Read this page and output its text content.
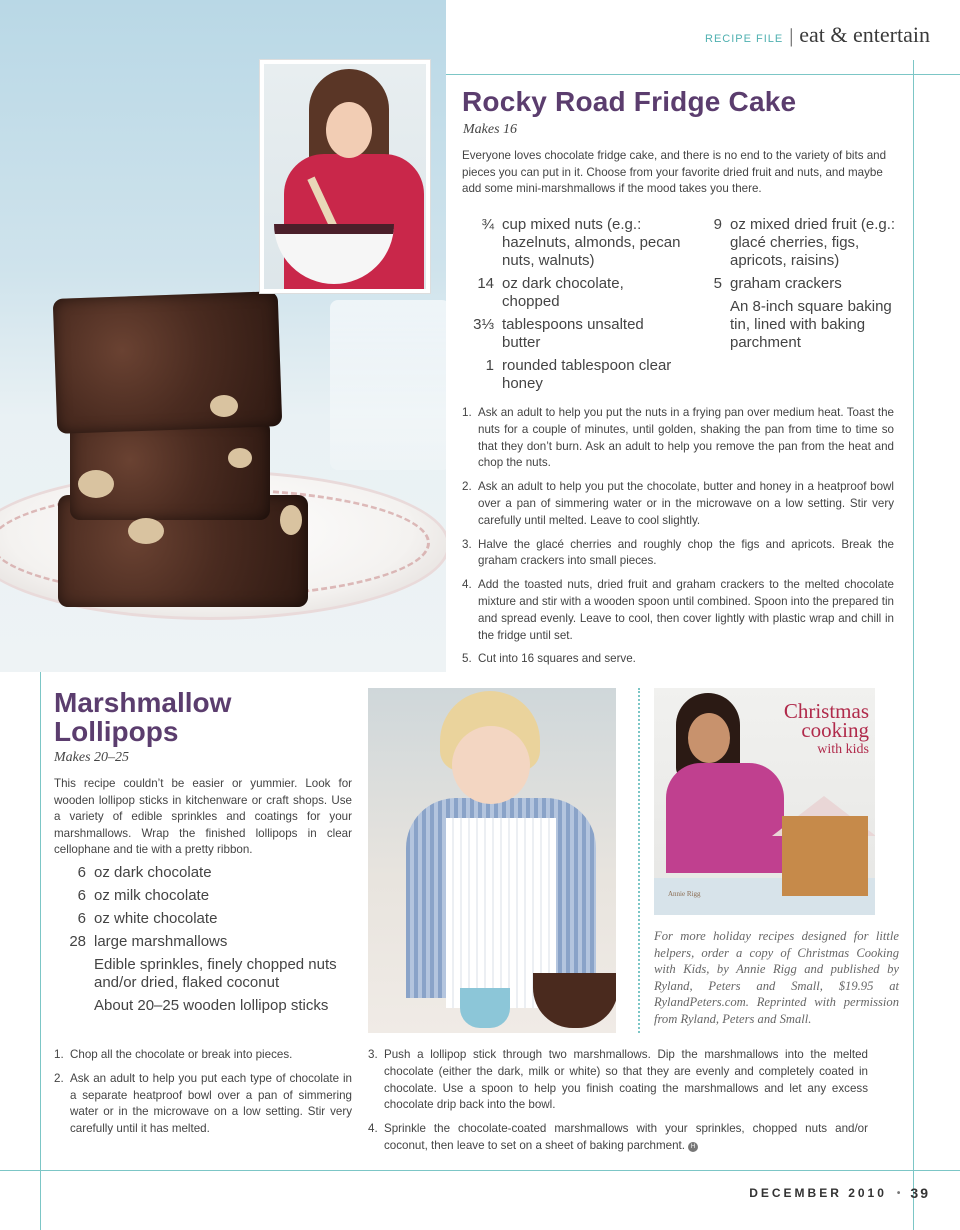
RECIPE FILE | eat & entertain
Rocky Road Fridge Cake
Makes 16

Everyone loves chocolate fridge cake, and there is no end to the variety of bits and pieces you can put in it. Choose from your favorite dried fruit and nuts, and maybe add some mini-marshmallows if the mood takes you there.

¾ cup mixed nuts (e.g.: hazelnuts, almonds, pecan nuts, walnuts)
14 oz dark chocolate, chopped
3⅓ tablespoons unsalted butter
1 rounded tablespoon clear honey
9 oz mixed dried fruit (e.g.: glacé cherries, figs, apricots, raisins)
5 graham crackers
An 8-inch square baking tin, lined with baking parchment
1. Ask an adult to help you put the nuts in a frying pan over medium heat. Toast the nuts for a couple of minutes, until golden, shaking the pan from time to time so that they don’t burn. Ask an adult to help you remove the pan from the heat and chop the nuts.
2. Ask an adult to help you put the chocolate, butter and honey in a heatproof bowl over a pan of simmering water or in the microwave on a low setting. Stir very carefully until melted. Leave to cool slightly.
3. Halve the glacé cherries and roughly chop the figs and apricots. Break the graham crackers into small pieces.
4. Add the toasted nuts, dried fruit and graham crackers to the melted chocolate mixture and stir with a wooden spoon until combined. Spoon into the prepared tin and spread evenly. Leave to cool, then cover lightly with plastic wrap and chill in the fridge until set.
5. Cut into 16 squares and serve.
Marshmallow Lollipops
Makes 20–25

This recipe couldn’t be easier or yummier. Look for wooden lollipop sticks in kitchenware or craft shops. Use a variety of edible sprinkles and coatings for your marshmallows. Wrap the finished lollipops in clear cellophane and tie with a pretty ribbon.

6 oz dark chocolate
6 oz milk chocolate
6 oz white chocolate
28 large marshmallows
Edible sprinkles, finely chopped nuts and/or dried, flaked coconut
About 20–25 wooden lollipop sticks
1. Chop all the chocolate or break into pieces.
2. Ask an adult to help you put each type of chocolate in a separate heatproof bowl over a pan of simmering water or in the microwave on a low setting. Stir very carefully until it has melted.
3. Push a lollipop stick through two marshmallows. Dip the marshmallows into the melted chocolate (either the dark, milk or white) so that they are evenly and completely coated in chocolate. Use a spoon to help you finish coating the marshmallows and let any excess chocolate drip back into the bowl.
4. Sprinkle the chocolate-coated marshmallows with your sprinkles, chopped nuts and/or coconut, then leave to set on a sheet of baking parchment. H
Christmas
cooking
with kids
Annie Rigg

For more holiday recipes designed for little helpers, order a copy of Christmas Cooking with Kids, by Annie Rigg and published by Ryland, Peters and Small, $19.95 at RylandPeters.com. Reprinted with permission from Ryland, Peters and Small.

DECEMBER 2010 • 39
